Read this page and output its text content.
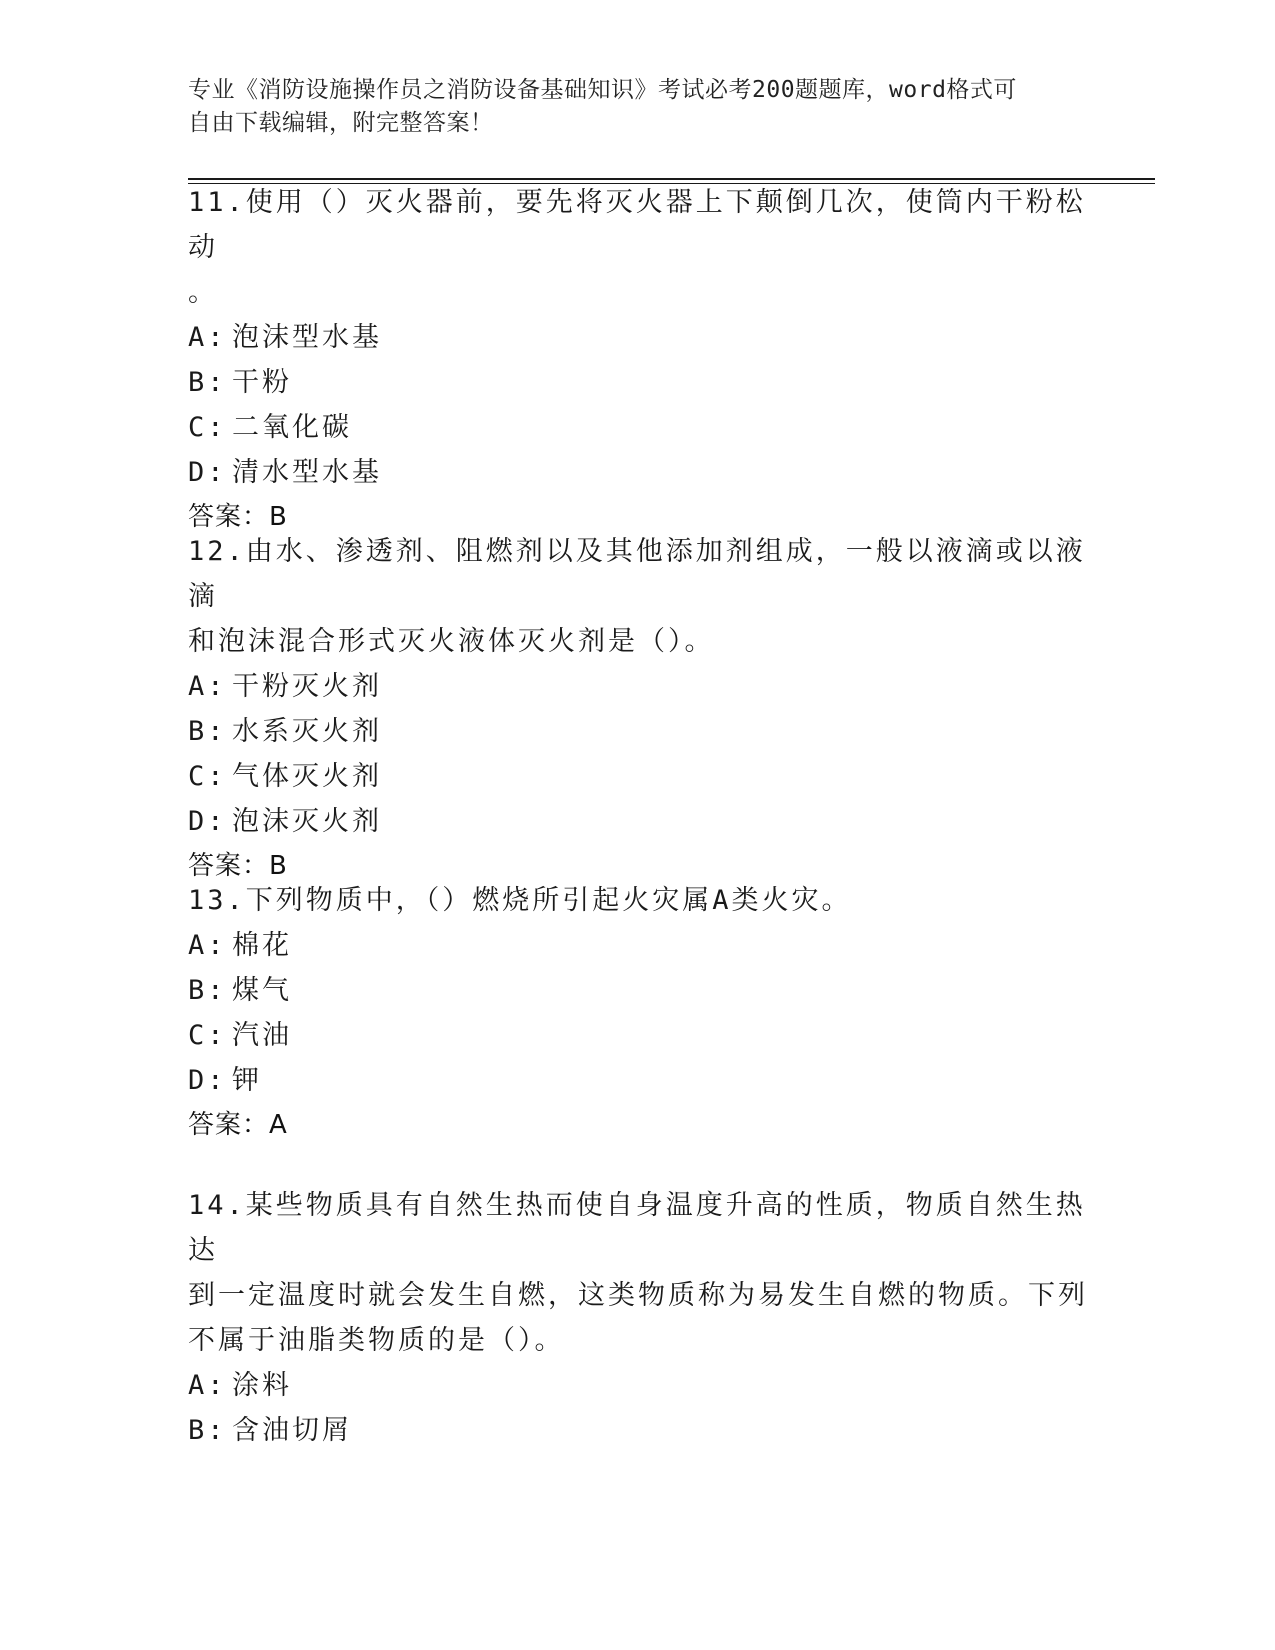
专业《消防设施操作员之消防设备基础知识》考试必考200题题库，word格式可
自由下载编辑，附完整答案！
11.使用（）灭火器前，要先将灭火器上下颠倒几次，使筒内干粉松动
。
A: 泡沫型水基
B: 干粉
C: 二氧化碳
D: 清水型水基
答案：B
12.由水、渗透剂、阻燃剂以及其他添加剂组成，一般以液滴或以液滴
和泡沫混合形式灭火液体灭火剂是（）。
A: 干粉灭火剂
B: 水系灭火剂
C: 气体灭火剂
D: 泡沫灭火剂
答案：B
13.下列物质中，（）燃烧所引起火灾属A类火灾。
A: 棉花
B: 煤气
C: 汽油
D: 钾
答案：A
14.某些物质具有自然生热而使自身温度升高的性质，物质自然生热达
到一定温度时就会发生自燃，这类物质称为易发生自燃的物质。下列
不属于油脂类物质的是（）。
A: 涂料
B: 含油切屑
